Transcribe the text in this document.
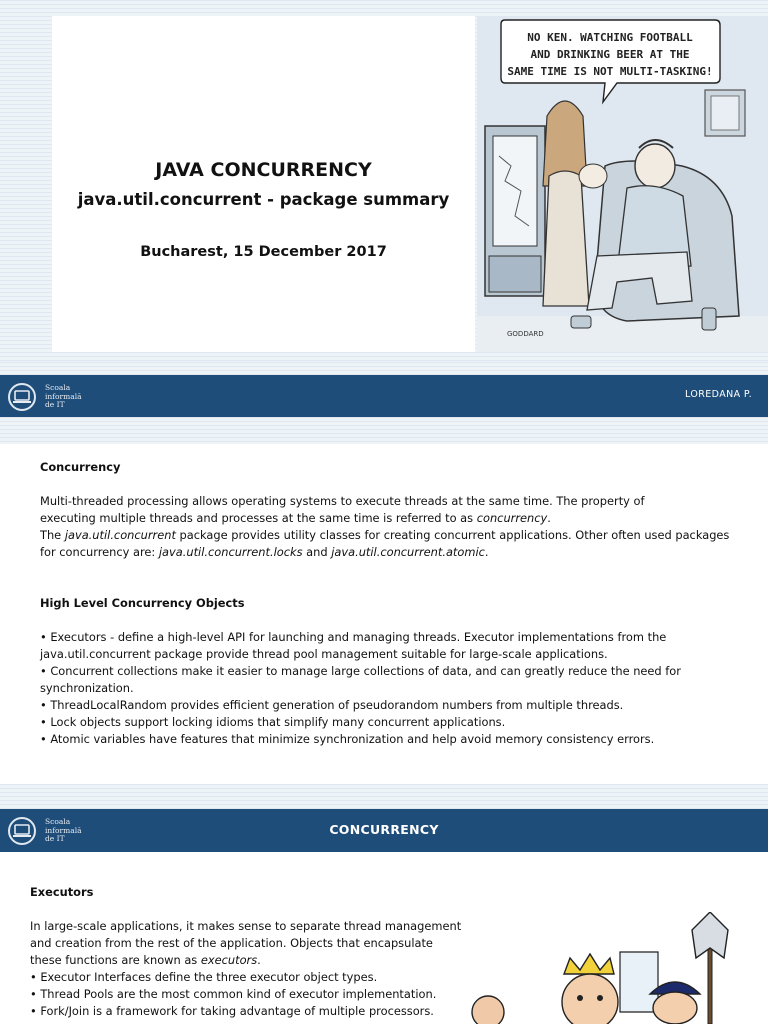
JAVA CONCURRENCY
java.util.concurrent - package summary
Bucharest, 15 December 2017
NO KEN. WATCHING FOOTBALL
AND DRINKING BEER AT THE
SAME TIME IS NOT MULTI-TASKING!
GODDARD
Scoala
informală
de IT
LOREDANA P.

Concurrency

Multi-threaded processing allows operating systems to execute threads at the same time. The property of

executing multiple threads and processes at the same time is referred to as concurrency.

The java.util.concurrent package provides utility classes for creating concurrent applications. Other often used packages

for concurrency are: java.util.concurrent.locks and java.util.concurrent.atomic.

High Level Concurrency Objects

• Executors - define a high-level API for launching and managing threads. Executor implementations from the

java.util.concurrent package provide thread pool management suitable for large-scale applications.

• Concurrent collections make it easier to manage large collections of data, and can greatly reduce the need for

synchronization.

• ThreadLocalRandom provides efficient generation of pseudorandom numbers from multiple threads.

• Lock objects support locking idioms that simplify many concurrent applications.

• Atomic variables have features that minimize synchronization and help avoid memory consistency errors.

Scoala
informală
de IT
CONCURRENCY

Executors

In large-scale applications, it makes sense to separate thread management

and creation from the rest of the application. Objects that encapsulate

these functions are known as executors.

• Executor Interfaces define the three executor object types.

• Thread Pools are the most common kind of executor implementation.

• Fork/Join is a framework for taking advantage of multiple processors.
